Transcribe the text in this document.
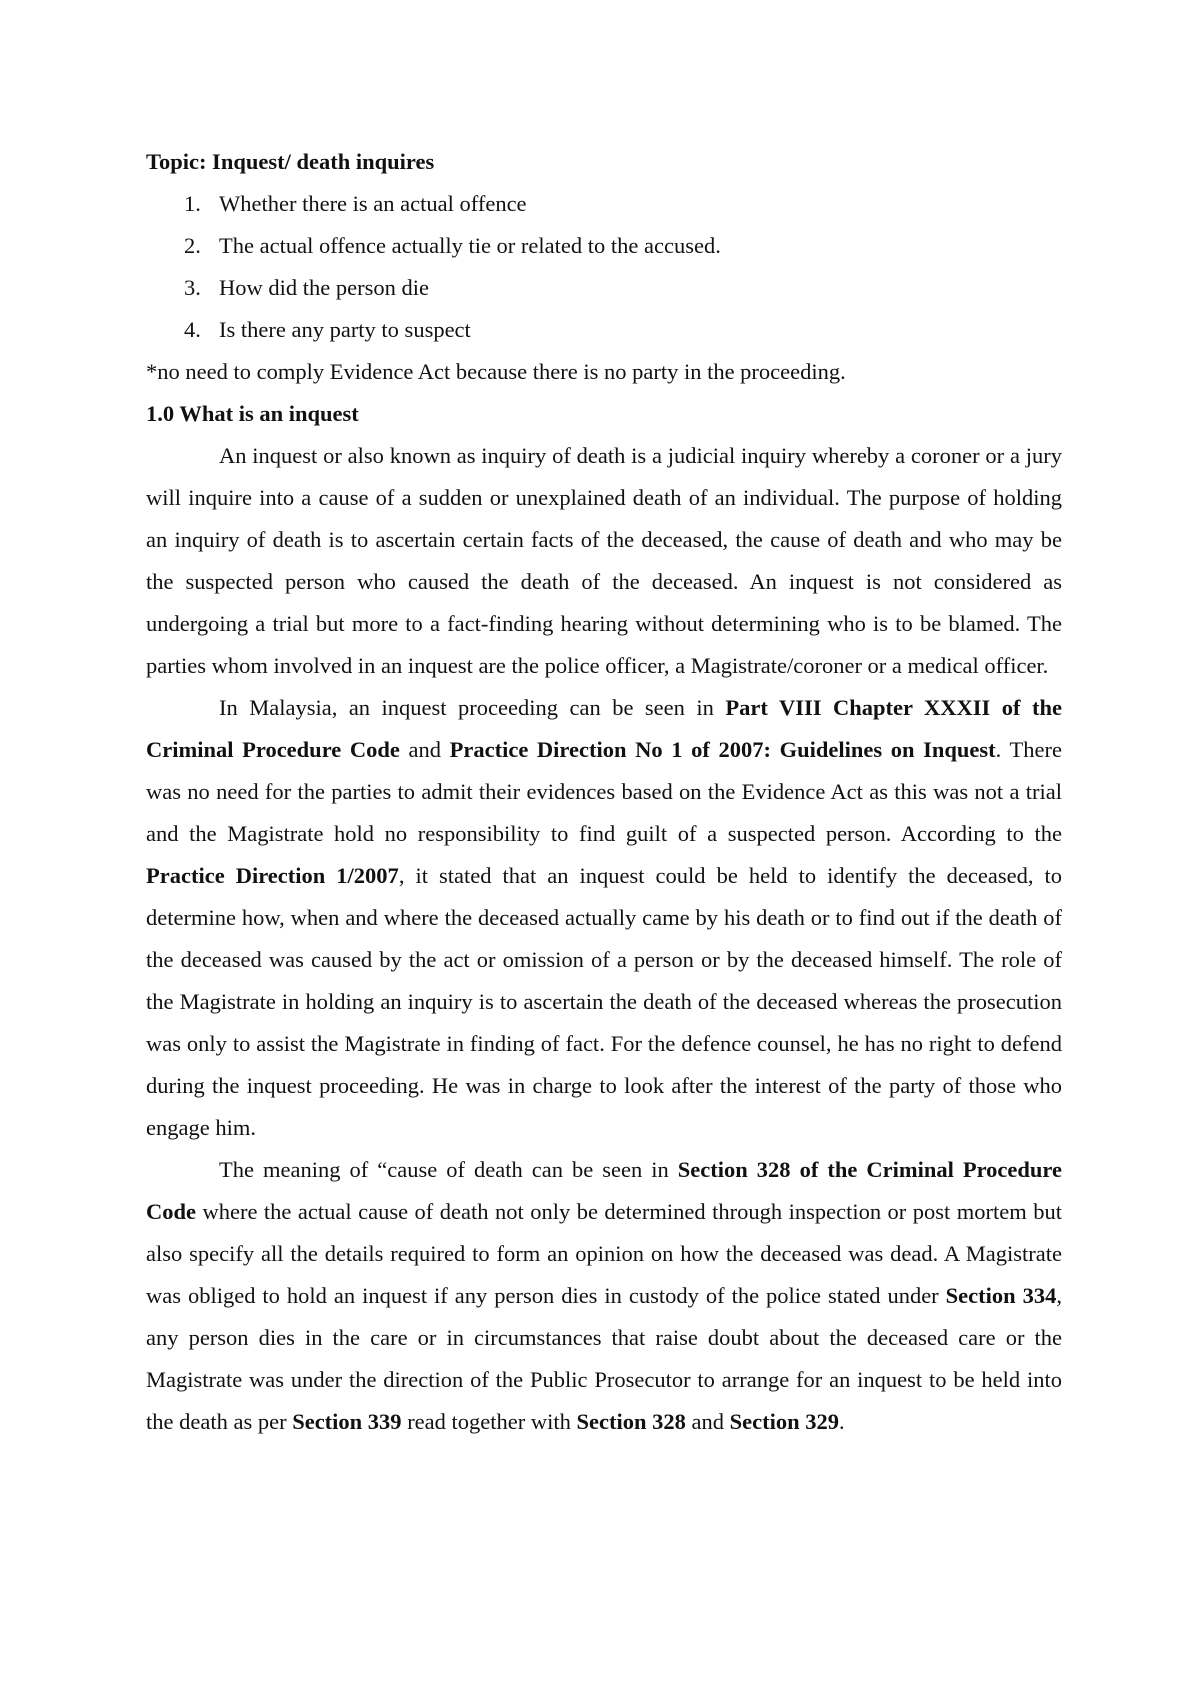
Topic: Inquest/ death inquires

1. Whether there is an actual offence
2. The actual offence actually tie or related to the accused.
3. How did the person die
4. Is there any party to suspect

*no need to comply Evidence Act because there is no party in the proceeding.

1.0 What is an inquest

An inquest or also known as inquiry of death is a judicial inquiry whereby a coroner or a jury will inquire into a cause of a sudden or unexplained death of an individual. The purpose of holding an inquiry of death is to ascertain certain facts of the deceased, the cause of death and who may be the suspected person who caused the death of the deceased. An inquest is not considered as undergoing a trial but more to a fact-finding hearing without determining who is to be blamed. The parties whom involved in an inquest are the police officer, a Magistrate/coroner or a medical officer.

In Malaysia, an inquest proceeding can be seen in Part VIII Chapter XXXII of the Criminal Procedure Code and Practice Direction No 1 of 2007: Guidelines on Inquest. There was no need for the parties to admit their evidences based on the Evidence Act as this was not a trial and the Magistrate hold no responsibility to find guilt of a suspected person. According to the Practice Direction 1/2007, it stated that an inquest could be held to identify the deceased, to determine how, when and where the deceased actually came by his death or to find out if the death of the deceased was caused by the act or omission of a person or by the deceased himself. The role of the Magistrate in holding an inquiry is to ascertain the death of the deceased whereas the prosecution was only to assist the Magistrate in finding of fact. For the defence counsel, he has no right to defend during the inquest proceeding. He was in charge to look after the interest of the party of those who engage him.

The meaning of “cause of death can be seen in Section 328 of the Criminal Procedure Code where the actual cause of death not only be determined through inspection or post mortem but also specify all the details required to form an opinion on how the deceased was dead. A Magistrate was obliged to hold an inquest if any person dies in custody of the police stated under Section 334, any person dies in the care or in circumstances that raise doubt about the deceased care or the Magistrate was under the direction of the Public Prosecutor to arrange for an inquest to be held into the death as per Section 339 read together with Section 328 and Section 329.
